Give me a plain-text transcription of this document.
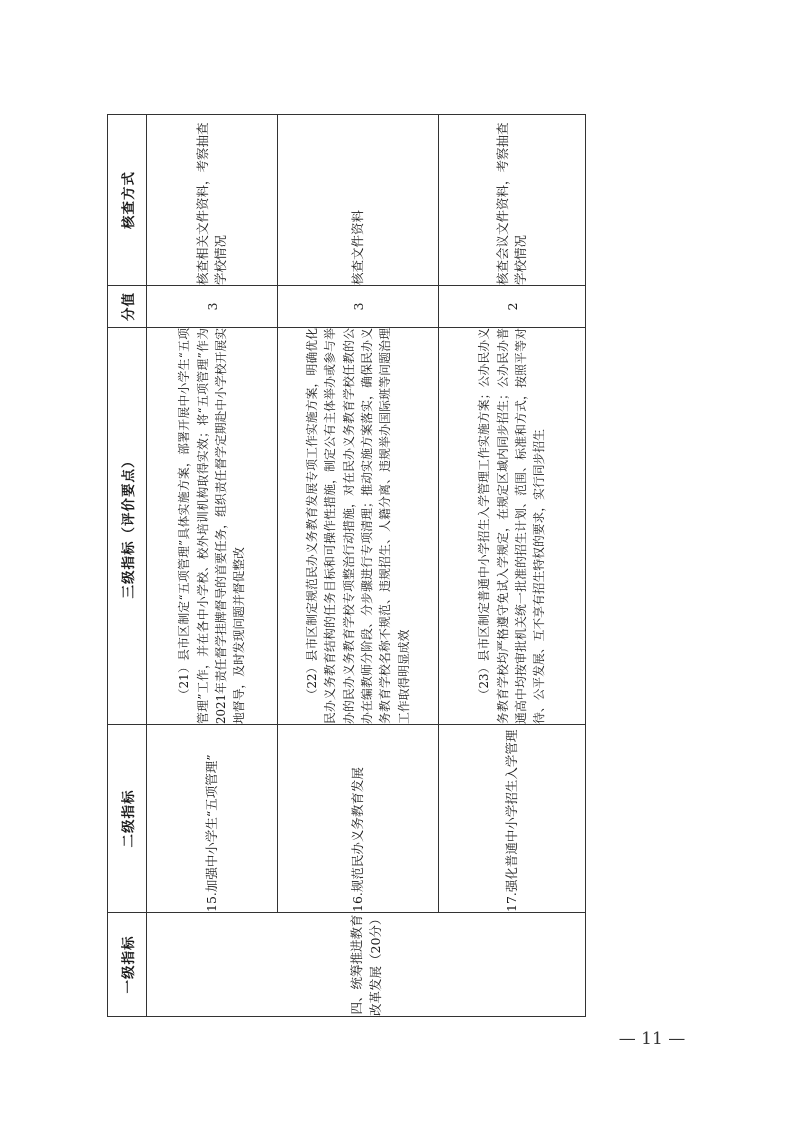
一级指标	二级指标	三级指标（评价要点）	分值	核查方式
四、统筹推进教育改革发展（20分）	15.加强中小学生“五项管理”	（21）县市区制定“五项管理”具体实施方案，部署开展中小学生“五项管理”工作，并在各中小学校、校外培训机构取得实效；将“五项管理”作为2021年责任督学挂牌督导的首要任务，组织责任督学定期赴中小学校开展实地督导，及时发现问题并督促整改	3	核查相关文件资料，考察抽查学校情况
	16.规范民办义务教育发展	（22）县市区制定规范民办义务教育发展专项工作实施方案，明确优化民办义务教育结构的任务目标和可操作性措施，制定公有主体举办或参与举办的民办义务教育学校专项整治行动措施，对在民办义务教育学校任教的公办在编教师分阶段、分步骤进行专项清理；推动实施方案落实，确保民办义务教育学校名称不规范、违规招生、人籍分离、违规举办国际班等问题治理工作取得明显成效	3	核查文件资料
	17.强化普通中小学招生入学管理	（23）县市区制定普通中小学招生入学管理工作实施方案；公办民办义务教育学校均严格遵守免试入学规定，在规定区域内同步招生；公办民办普通高中均按审批机关统一批准的招生计划、范围、标准和方式，按照平等对待、公平发展、互不享有招生特权的要求，实行同步招生	2	核查会议文件资料，考察抽查学校情况
— 11 —
